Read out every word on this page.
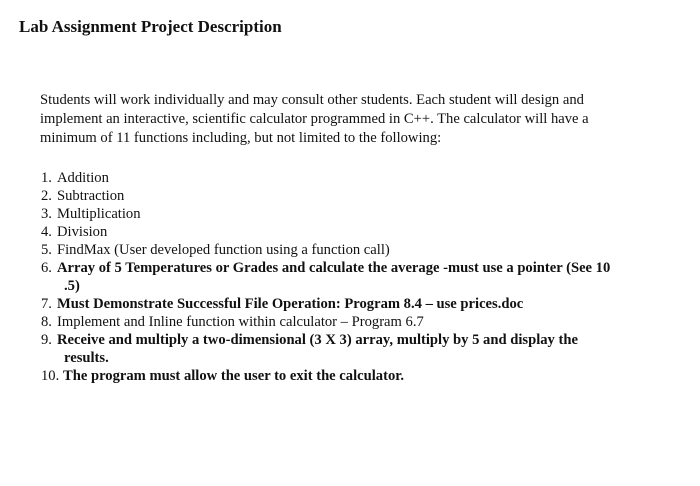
Lab Assignment Project Description

Students will work individually and may consult other students. Each student will design and
implement an interactive, scientific calculator programmed in C++. The calculator will have a
minimum of 11 functions including, but not limited to the following:

1. Addition
2. Subtraction
3. Multiplication
4. Division
5. FindMax (User developed function using a function call)
6. Array of 5 Temperatures or Grades and calculate the average -must use a pointer (See 10
.5)
7. Must Demonstrate Successful File Operation: Program 8.4 – use prices.doc
8. Implement and Inline function within calculator – Program 6.7
9. Receive and multiply a two-dimensional (3 X 3) array, multiply by 5 and display the
results.
10. The program must allow the user to exit the calculator.
